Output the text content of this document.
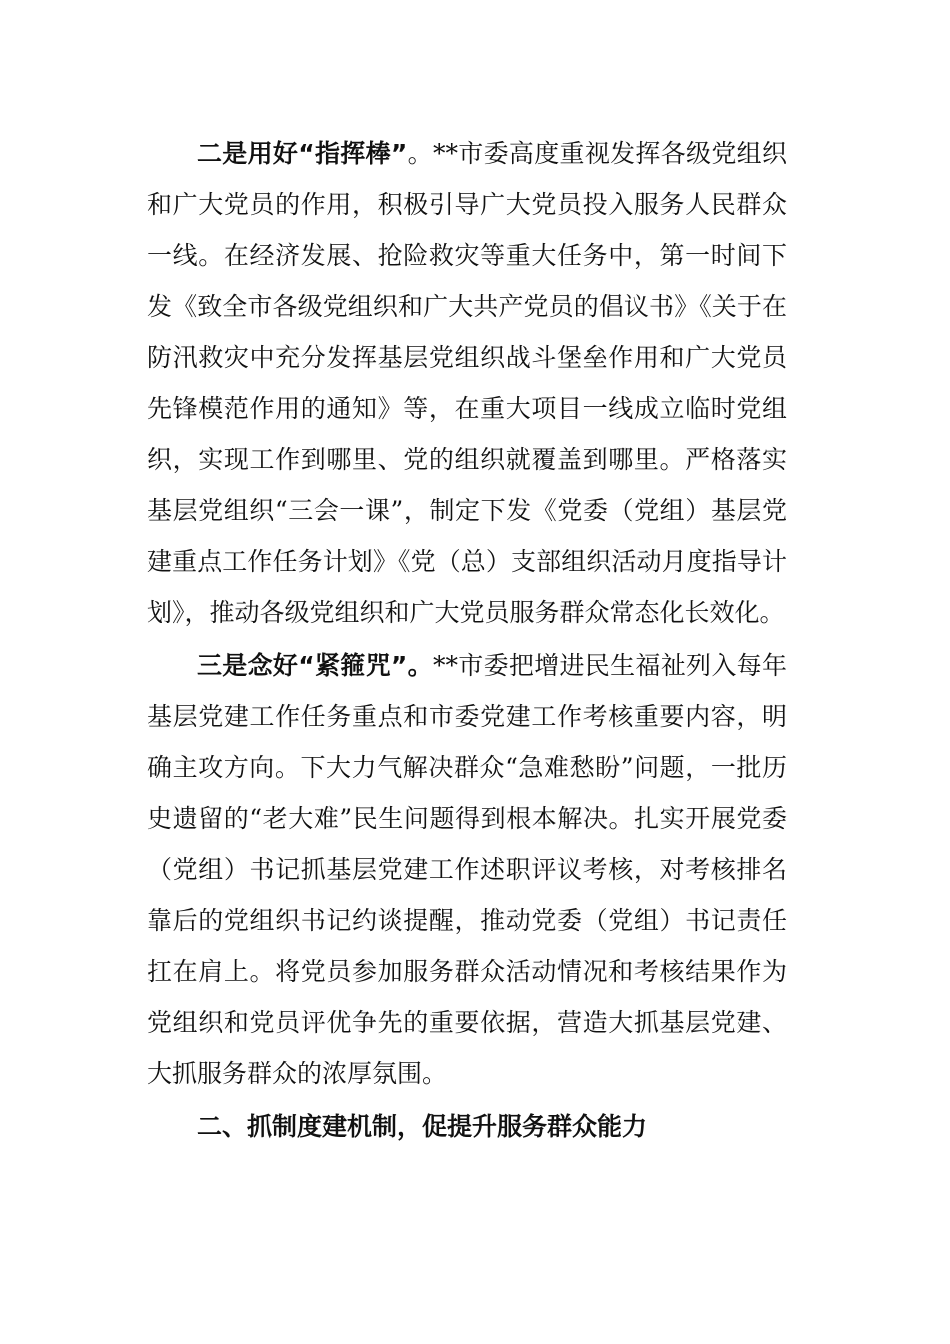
二是用好“指挥棒”。**市委高度重视发挥各级党组织和广大党员的作用，积极引导广大党员投入服务人民群众一线。在经济发展、抢险救灾等重大任务中，第一时间下发《致全市各级党组织和广大共产党员的倡议书》《关于在防汛救灾中充分发挥基层党组织战斗堡垒作用和广大党员先锋模范作用的通知》等，在重大项目一线成立临时党组织，实现工作到哪里、党的组织就覆盖到哪里。严格落实基层党组织“三会一课”，制定下发《党委（党组）基层党建重点工作任务计划》《党（总）支部组织活动月度指导计划》，推动各级党组织和广大党员服务群众常态化长效化。

三是念好“紧箍咒”。**市委把增进民生福祉列入每年基层党建工作任务重点和市委党建工作考核重要内容，明确主攻方向。下大力气解决群众“急难愁盼”问题，一批历史遗留的“老大难”民生问题得到根本解决。扎实开展党委（党组）书记抓基层党建工作述职评议考核，对考核排名靠后的党组织书记约谈提醒，推动党委（党组）书记责任扛在肩上。将党员参加服务群众活动情况和考核结果作为党组织和党员评优争先的重要依据，营造大抓基层党建、大抓服务群众的浓厚氛围。

二、抓制度建机制，促提升服务群众能力
